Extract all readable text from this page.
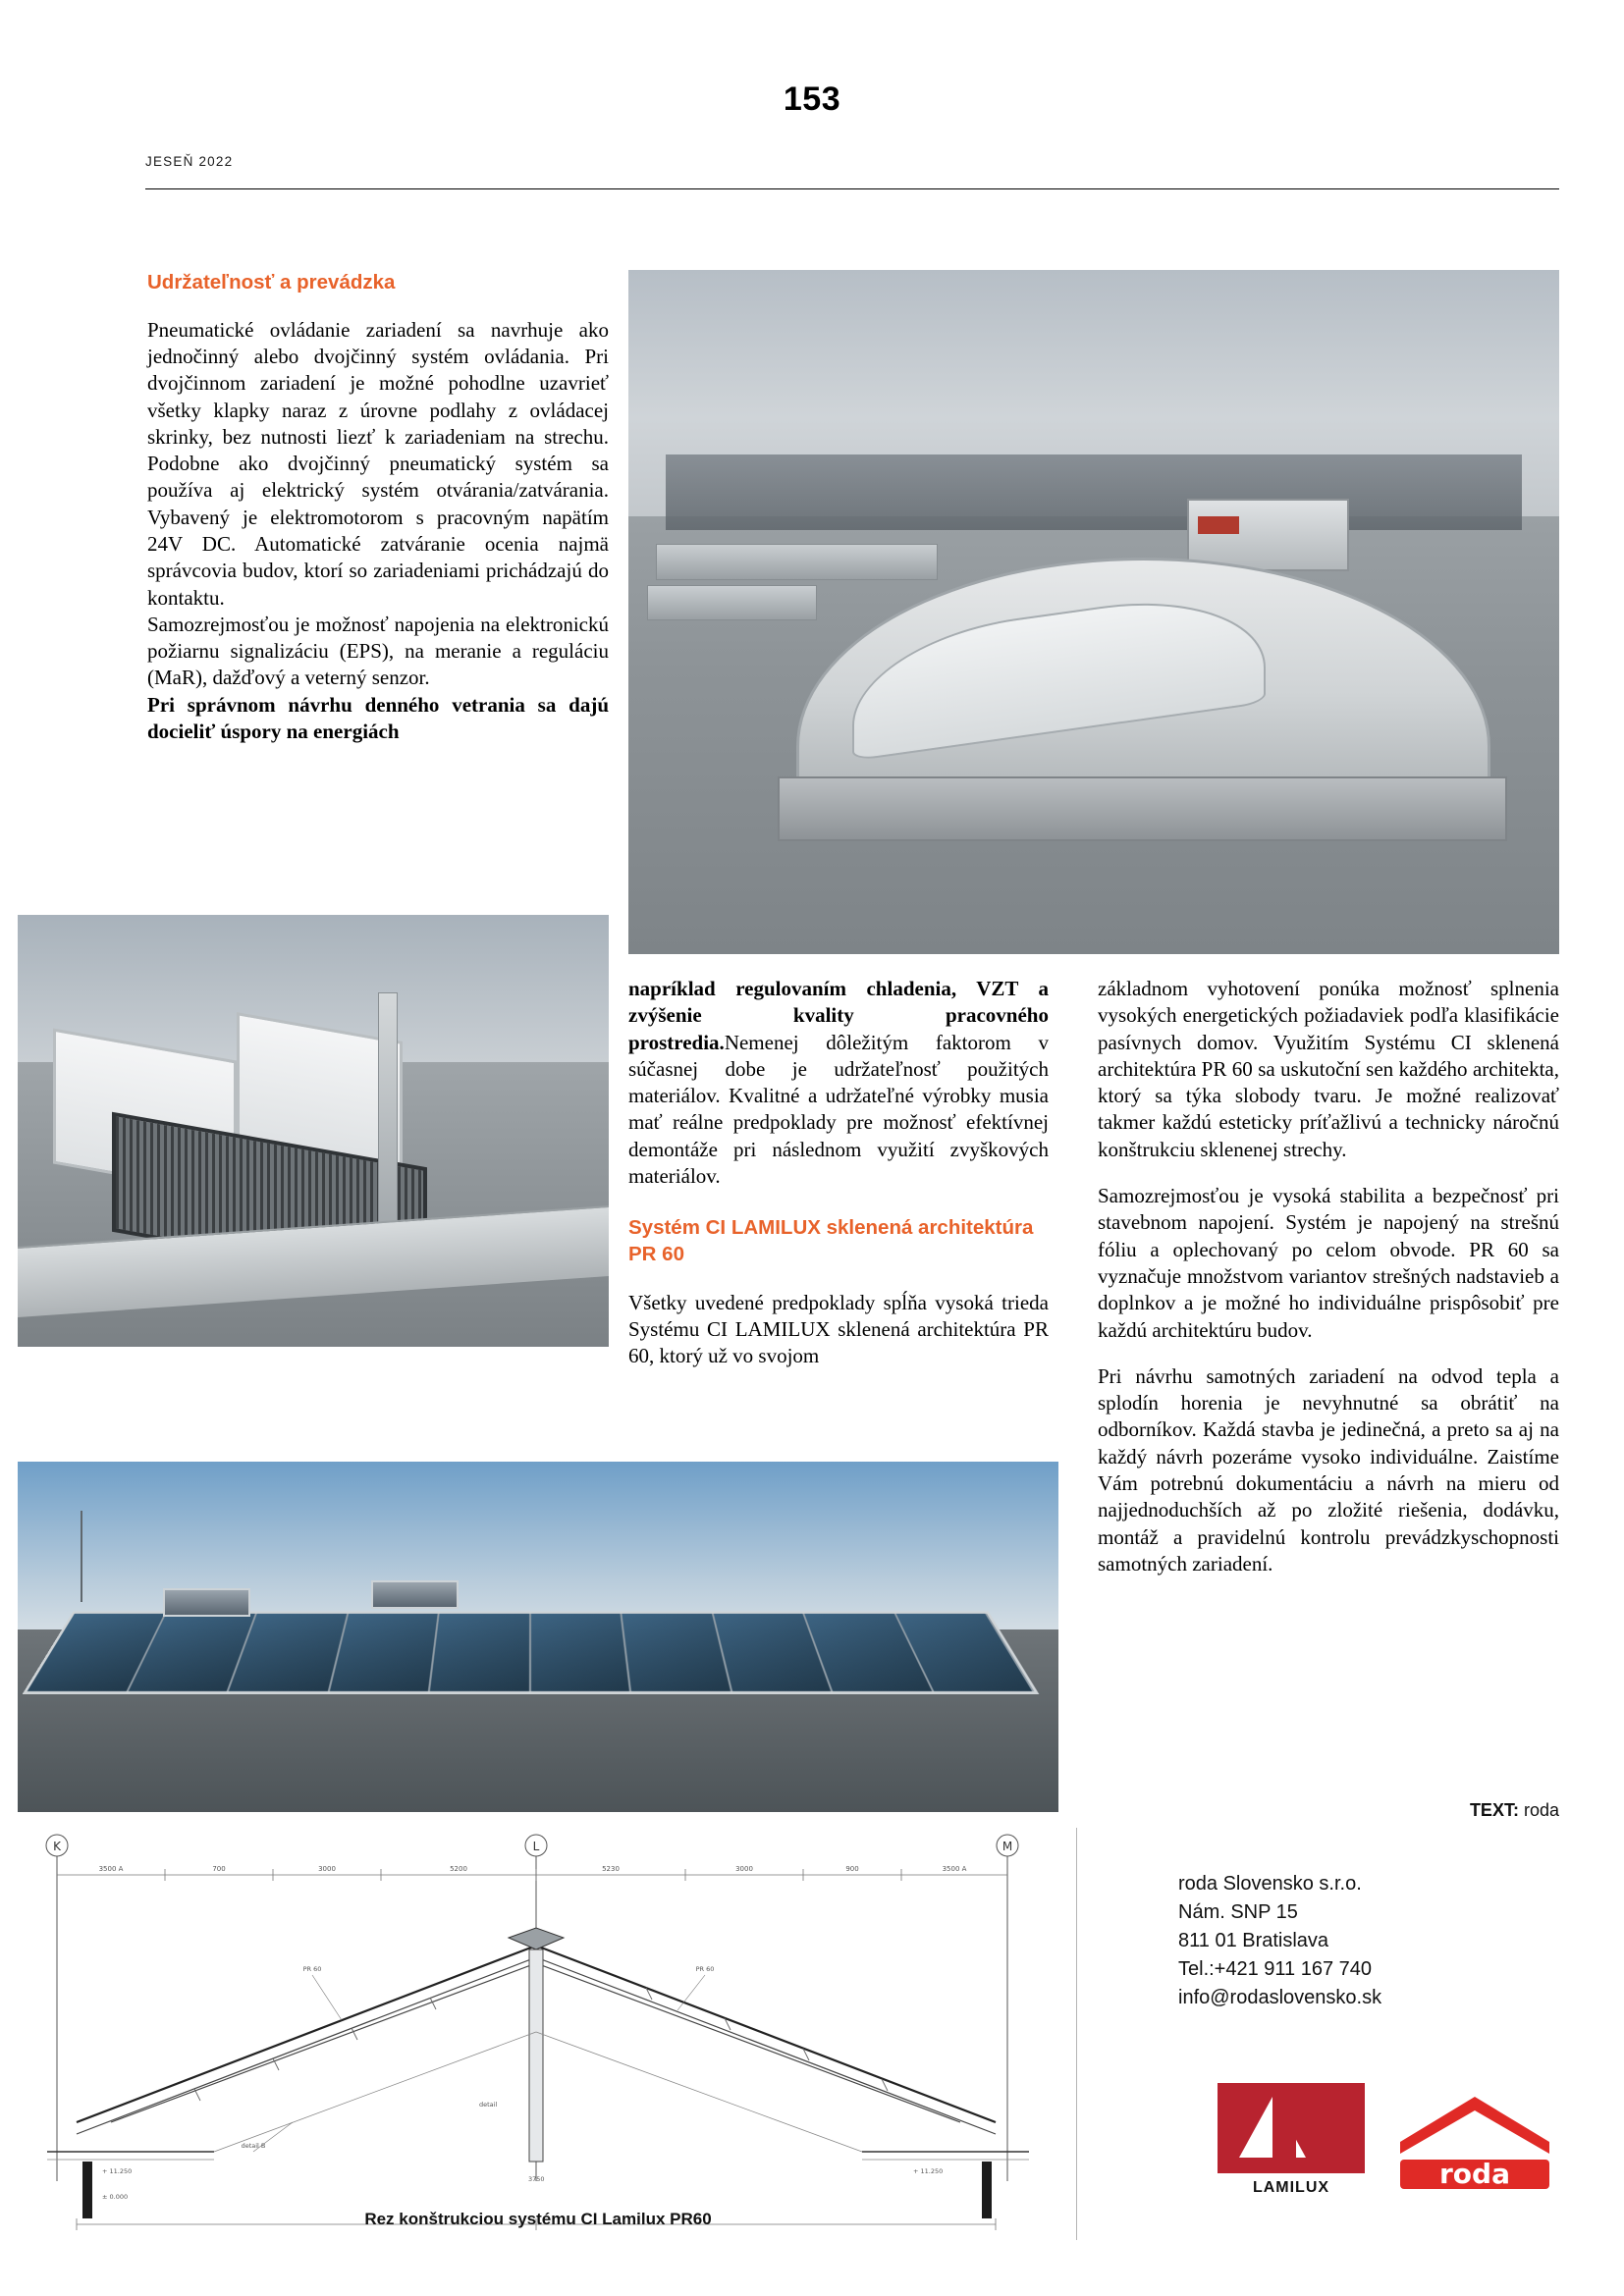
153
JESEŇ 2022
Udržateľnosť a prevádzka

Pneumatické ovládanie zariadení sa navrhuje ako jednočinný alebo dvojčinný systém ovládania. Pri dvojčinnom zariadení je možné pohodlne uzavrieť všetky klapky naraz z úrovne podlahy z ovládacej skrinky, bez nutnosti liezť k zariadeniam na strechu. Podobne ako dvojčinný pneumatický systém sa používa aj elektrický systém otvárania/zatvárania. Vybavený je elektromotorom s pracovným napätím 24V DC. Automatické zatváranie ocenia najmä správcovia budov, ktorí so zariadeniami prichádzajú do kontaktu.

Samozrejmosťou je možnosť napojenia na elektronickú požiarnu signalizáciu (EPS), na meranie a reguláciu (MaR), dažďový a veterný senzor.

Pri správnom návrhu denného vetrania sa dajú docieliť úspory na energiách

K	L	M
3500 A	700	3000	5200	5230	3000	900	3500 A
+ 11.250
± 0.000
+ 11.250
3750
detail
PR 60	PR 60
detail B
Rez konštrukciou systému CI Lamilux PR60

napríklad regulovaním chladenia, VZT a zvýšenie kvality pracovného prostredia.Nemenej dôležitým faktorom v súčasnej dobe je udržateľnosť použitých materiálov. Kvalitné a udržateľné výrobky musia mať reálne predpoklady pre možnosť efektívnej demontáže pri následnom využití zvyškových materiálov.

Systém CI LAMILUX sklenená architektúra PR 60

Všetky uvedené predpoklady spĺňa vysoká trieda Systému CI LAMILUX sklenená architektúra PR 60, ktorý už vo svojom

základnom vyhotovení ponúka možnosť splnenia vysokých energetických požiadaviek podľa klasifikácie pasívnych domov. Využitím Systému CI sklenená architektúra PR 60 sa uskutoční sen každého architekta, ktorý sa týka slobody tvaru. Je možné realizovať takmer každú esteticky príťažlivú a technicky náročnú konštrukciu sklenenej strechy.

Samozrejmosťou je vysoká stabilita a bezpečnosť pri stavebnom napojení. Systém je napojený na strešnú fóliu a oplechovaný po celom obvode. PR 60 sa vyznačuje množstvom variantov strešných nadstavieb a doplnkov a je možné ho individuálne prispôsobiť pre každú architektúru budov.

Pri návrhu samotných zariadení na odvod tepla a splodín horenia je nevyhnutné sa obrátiť na odborníkov. Každá stavba je jedinečná, a preto sa aj na každý návrh pozeráme vysoko individuálne. Zaistíme Vám potrebnú dokumentáciu a návrh na mieru od najjednoduchších až po zložité riešenia, dodávku, montáž a pravidelnú kontrolu prevádzkyschopnosti samotných zariadení.

TEXT: roda
roda Slovensko s.r.o.
Nám. SNP 15
811 01 Bratislava
Tel.:+421 911 167 740
info@rodaslovensko.sk
LAMILUX	roda
